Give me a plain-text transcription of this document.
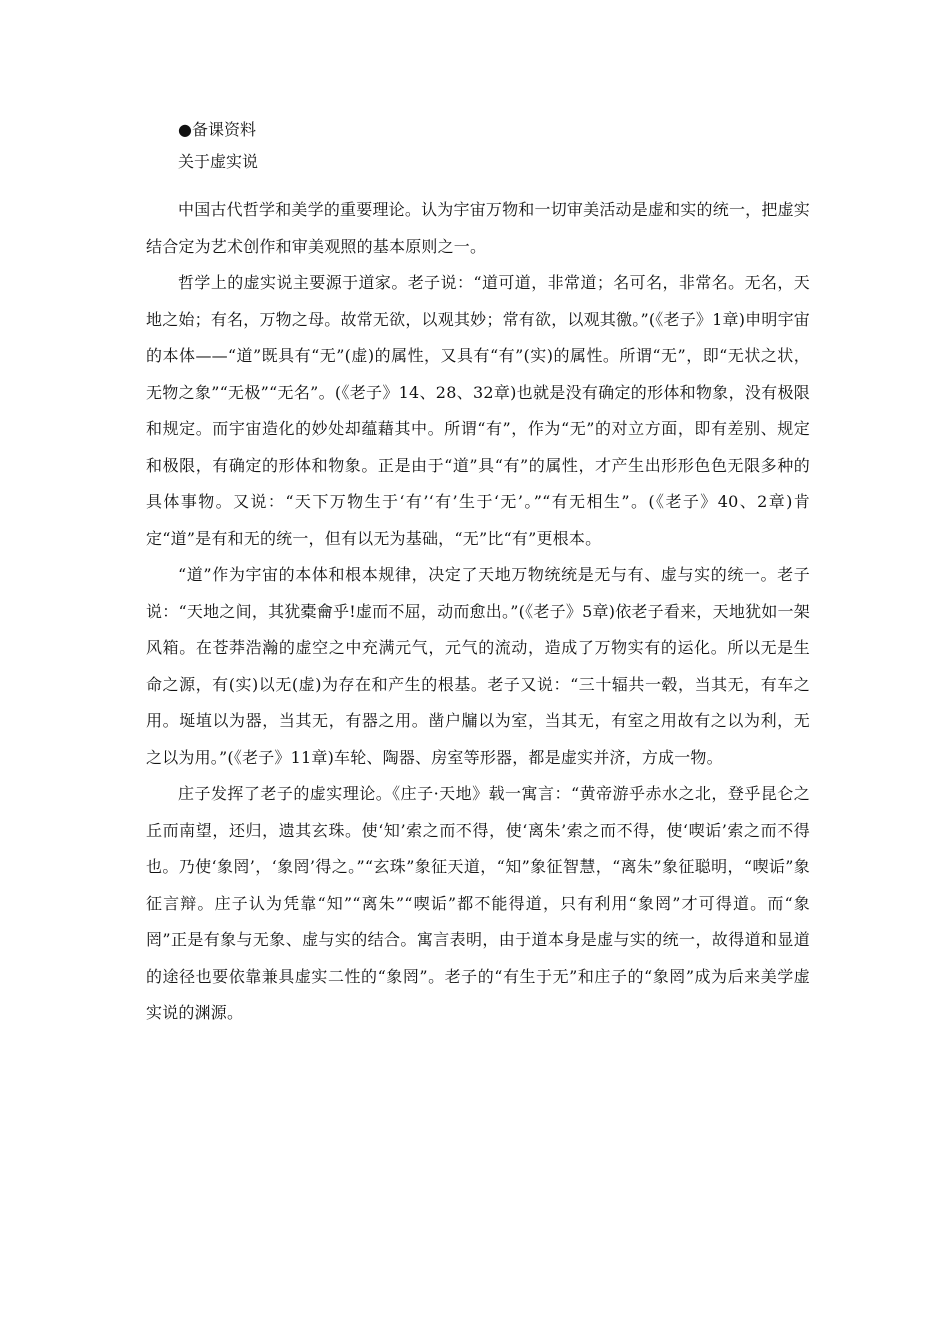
●备课资料

关于虚实说

中国古代哲学和美学的重要理论。认为宇宙万物和一切审美活动是虚和实的统一，把虚实结合定为艺术创作和审美观照的基本原则之一。

哲学上的虚实说主要源于道家。老子说：“道可道，非常道；名可名，非常名。无名，天地之始；有名，万物之母。故常无欲，以观其妙；常有欲，以观其徼。”(《老子》1章)申明宇宙的本体——“道”既具有“无”(虚)的属性，又具有“有”(实)的属性。所谓“无”，即“无状之状，无物之象”“无极”“无名”。(《老子》14、28、32章)也就是没有确定的形体和物象，没有极限和规定。而宇宙造化的妙处却蕴藉其中。所谓“有”，作为“无”的对立方面，即有差别、规定和极限，有确定的形体和物象。正是由于“道”具“有”的属性，才产生出形形色色无限多种的具体事物。又说：“天下万物生于‘有’‘有’生于‘无’。”“有无相生”。(《老子》40、2章)肯定“道”是有和无的统一，但有以无为基础，“无”比“有”更根本。

“道”作为宇宙的本体和根本规律，决定了天地万物统统是无与有、虚与实的统一。老子说：“天地之间，其犹橐龠乎!虚而不屈，动而愈出。”(《老子》5章)依老子看来，天地犹如一架风箱。在苍莽浩瀚的虚空之中充满元气，元气的流动，造成了万物实有的运化。所以无是生命之源，有(实)以无(虚)为存在和产生的根基。老子又说：“三十辐共一毂，当其无，有车之用。埏埴以为器，当其无，有器之用。凿户牖以为室，当其无，有室之用故有之以为利，无之以为用。”(《老子》11章)车轮、陶器、房室等形器，都是虚实并济，方成一物。

庄子发挥了老子的虚实理论。《庄子·天地》载一寓言：“黄帝游乎赤水之北，登乎昆仑之丘而南望，还归，遗其玄珠。使‘知’索之而不得，使‘离朱’索之而不得，使‘喫诟’索之而不得也。乃使‘象罔’，‘象罔’得之。”“玄珠”象征天道，“知”象征智慧，“离朱”象征聪明，“喫诟”象征言辩。庄子认为凭靠“知”“离朱”“喫诟”都不能得道，只有利用“象罔”才可得道。而“象罔”正是有象与无象、虚与实的结合。寓言表明，由于道本身是虚与实的统一，故得道和显道的途径也要依靠兼具虚实二性的“象罔”。老子的“有生于无”和庄子的“象罔”成为后来美学虚实说的渊源。
